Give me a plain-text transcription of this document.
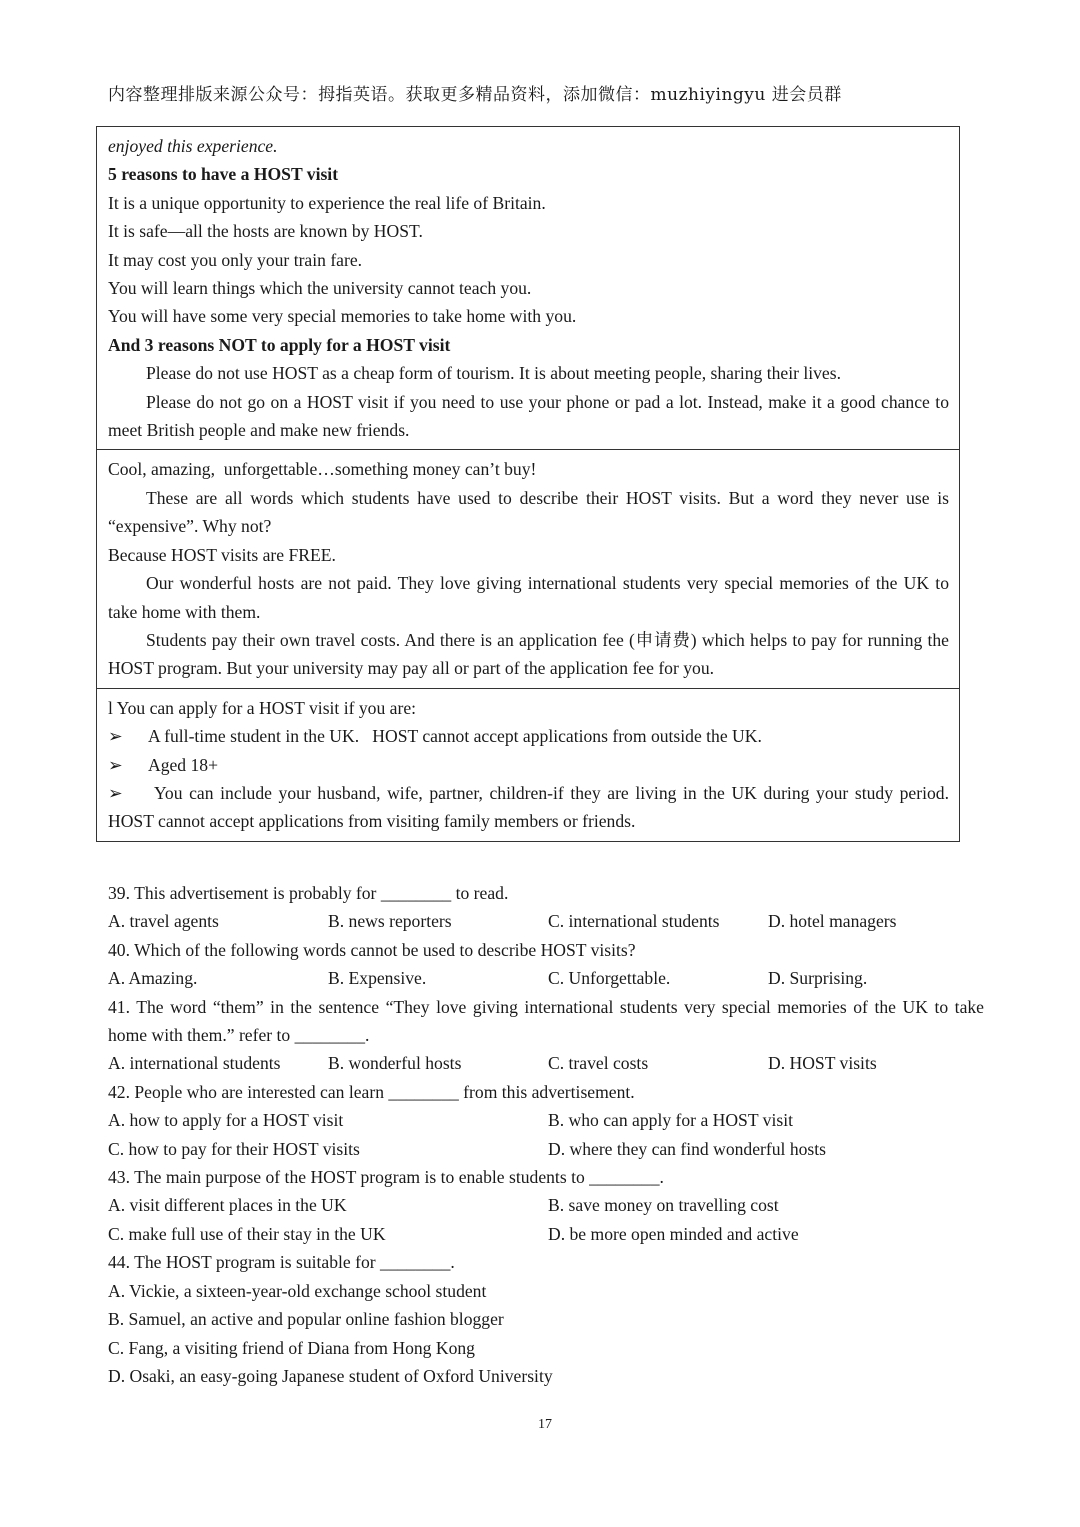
内容整理排版来源公众号：拇指英语。获取更多精品资料，添加微信：muzhiyingyu 进会员群
enjoyed this experience.
5 reasons to have a HOST visit
It is a unique opportunity to experience the real life of Britain.
It is safe—all the hosts are known by HOST.
It may cost you only your train fare.
You will learn things which the university cannot teach you.
You will have some very special memories to take home with you.
And 3 reasons NOT to apply for a HOST visit
Please do not use HOST as a cheap form of tourism. It is about meeting people, sharing their lives.
Please do not go on a HOST visit if you need to use your phone or pad a lot. Instead, make it a good chance to meet British people and make new friends.
Cool, amazing,  unforgettable…something money can’t buy!
These are all words which students have used to describe their HOST visits. But a word they never use is “expensive”. Why not?
Because HOST visits are FREE.
Our wonderful hosts are not paid. They love giving international students very special memories of the UK to take home with them.
Students pay their own travel costs. And there is an application fee (申请费) which helps to pay for running the HOST program. But your university may pay all or part of the application fee for you.
l You can apply for a HOST visit if you are:
➢	A full-time student in the UK.   HOST cannot accept applications from outside the UK.
➢	Aged 18+
➢ You can include your husband, wife, partner, children-if they are living in the UK during your study period. HOST cannot accept applications from visiting family members or friends.
39. This advertisement is probably for ________ to read.
A. travel agents	B. news reporters	C. international students	D. hotel managers
40. Which of the following words cannot be used to describe HOST visits?
A. Amazing.	B. Expensive.	C. Unforgettable.	D. Surprising.
41. The word “them” in the sentence “They love giving international students very special memories of the UK to take home with them.” refer to ________.
A. international students	B. wonderful hosts	C. travel costs	D. HOST visits
42. People who are interested can learn ________ from this advertisement.
A. how to apply for a HOST visit	B. who can apply for a HOST visit
C. how to pay for their HOST visits	D. where they can find wonderful hosts
43. The main purpose of the HOST program is to enable students to ________.
A. visit different places in the UK	B. save money on travelling cost
C. make full use of their stay in the UK	D. be more open minded and active
44. The HOST program is suitable for ________.
A. Vickie, a sixteen-year-old exchange school student
B. Samuel, an active and popular online fashion blogger
C. Fang, a visiting friend of Diana from Hong Kong
D. Osaki, an easy-going Japanese student of Oxford University
17
